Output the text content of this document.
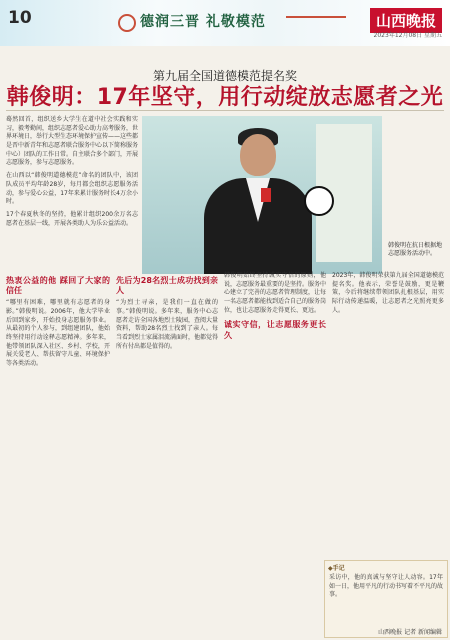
10	德润三晋 礼敬模范	山西晚报
2023年12月08日 星期五
第九届全国道德模范提名奖
韩俊明：17年坚守，用行动绽放志愿者之光
蓦然回首，组织送乡大学生在道中社会实践和实习，毅考勤间，组织志愿者爱心助力高考服务，世界环境日，举行大型生态环境保护宣传——这些都是晋中新青年和志愿者联合服务中心以下简称服务中心）团队的工作日常。自主联合多个部门，开展志愿服务，参与志愿服务。
在山西以“韩俊明道德模范”命名的团队中，该团队成员平均年龄28岁，每月都会组织志愿服务活动，参与爱心公益，17年来累计服务时长4万余小时。
17个春夏秋冬的坚持，他累计组织200余万名志愿者在基层一线，开展各类助人为乐公益活动。
韩俊明在抗日根据地志愿服务活动中。
热衷公益的他 踩回了大家的信任
“哪里有困难，哪里就有志愿者的身影。”韩俊明说。2006年，他大学毕业后回到家乡，开始投身志愿服务事业。从最初的个人参与，到组建团队，他始终坚持用行动诠释志愿精神。多年来，他带领团队深入社区、乡村、学校，开展关爱老人、帮扶留守儿童、环境保护等各类活动。
先后为28名烈士成功找到亲人
“为烈士寻亲，是我们一直在做的事。”韩俊明说。多年来，服务中心志愿者走访全国各地烈士陵园，查阅大量资料，帮助28名烈士找到了亲人。每当看到烈士家属泪流满面时，他都觉得所有付出都是值得的。
韩俊明始终坚持诚实守信的原则，他说，志愿服务最重要的是坚持。服务中心建立了完善的志愿者管理制度，让每一名志愿者都能找到适合自己的服务岗位，也让志愿服务走得更长、更远。
诚实守信，让志愿服务更长久
2023年，韩俊明荣获第九届全国道德模范提名奖。他表示，荣誉是鼓励，更是鞭策，今后将继续带领团队扎根基层，用实际行动传递温暖，让志愿者之光照亮更多人。
◆手记
采访中，他的真诚与坚守让人动容。17年如一日，他用平凡的行动书写着不平凡的故事。
山西晚报 记者 新闻编辑
